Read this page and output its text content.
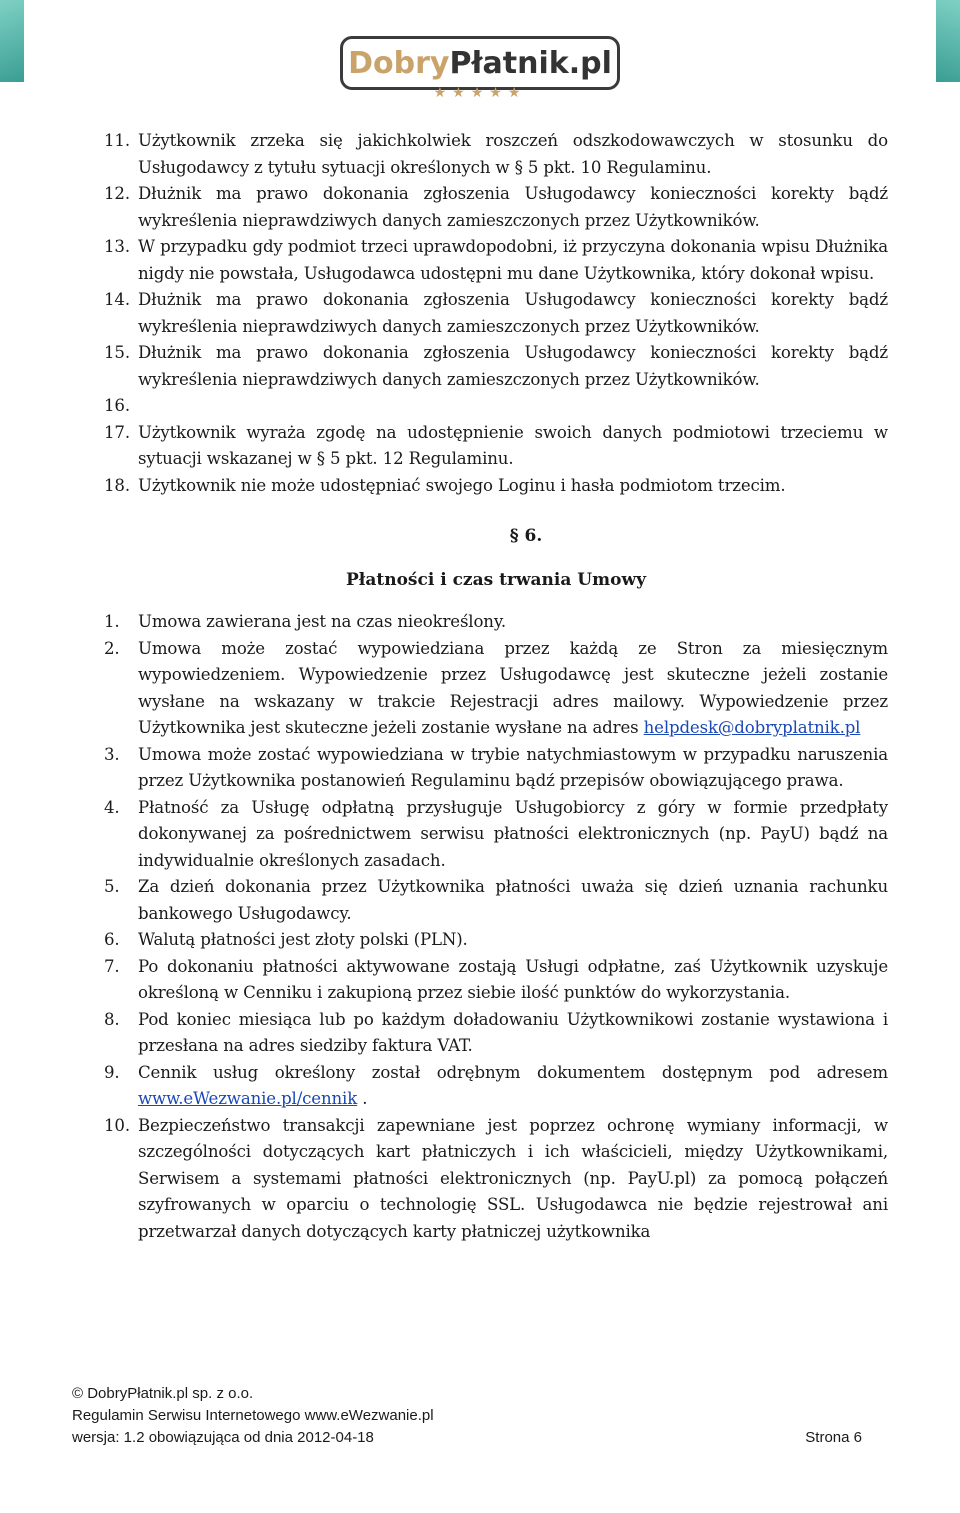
Dobry Płatnik.pl
★★★★★
11. Użytkownik zrzeka się jakichkolwiek roszczeń odszkodowawczych w stosunku do Usługodawcy z tytułu sytuacji określonych w § 5 pkt. 10 Regulaminu.
12. Dłużnik ma prawo dokonania zgłoszenia Usługodawcy konieczności korekty bądź wykreślenia nieprawdziwych danych zamieszczonych przez Użytkowników.
13. W przypadku gdy podmiot trzeci uprawdopodobni, iż przyczyna dokonania wpisu Dłużnika nigdy nie powstała, Usługodawca udostępni mu dane Użytkownika, który dokonał wpisu.
14. Dłużnik ma prawo dokonania zgłoszenia Usługodawcy konieczności korekty bądź wykreślenia nieprawdziwych danych zamieszczonych przez Użytkowników.
15. Dłużnik ma prawo dokonania zgłoszenia Usługodawcy konieczności korekty bądź wykreślenia nieprawdziwych danych zamieszczonych przez Użytkowników.
16.
17. Użytkownik wyraża zgodę na udostępnienie swoich danych podmiotowi trzeciemu w sytuacji wskazanej w § 5 pkt. 12 Regulaminu.
18. Użytkownik nie może udostępniać swojego Loginu i hasła podmiotom trzecim.
§ 6.
Płatności i czas trwania Umowy
1. Umowa zawierana jest na czas nieokreślony.
2. Umowa może zostać wypowiedziana przez każdą ze Stron za miesięcznym wypowiedzeniem. Wypowiedzenie przez Usługodawcę jest skuteczne jeżeli zostanie wysłane na wskazany w trakcie Rejestracji adres mailowy. Wypowiedzenie przez Użytkownika jest skuteczne jeżeli zostanie wysłane na adres helpdesk@dobryplatnik.pl
3. Umowa może zostać wypowiedziana w trybie natychmiastowym w przypadku naruszenia przez Użytkownika postanowień Regulaminu bądź przepisów obowiązującego prawa.
4. Płatność za Usługę odpłatną przysługuje Usługobiorcy z góry w formie przedpłaty dokonywanej za pośrednictwem serwisu płatności elektronicznych (np. PayU) bądź na indywidualnie określonych zasadach.
5. Za dzień dokonania przez Użytkownika płatności uważa się dzień uznania rachunku bankowego Usługodawcy.
6. Walutą płatności jest złoty polski (PLN).
7. Po dokonaniu płatności aktywowane zostają Usługi odpłatne, zaś Użytkownik uzyskuje określoną w Cenniku i zakupioną przez siebie ilość punktów do wykorzystania.
8. Pod koniec miesiąca lub po każdym doładowaniu Użytkownikowi zostanie wystawiona i przesłana na adres siedziby faktura VAT.
9. Cennik usług określony został odrębnym dokumentem dostępnym pod adresem www.eWezwanie.pl/cennik .
10. Bezpieczeństwo transakcji zapewniane jest poprzez ochronę wymiany informacji, w szczególności dotyczących kart płatniczych i ich właścicieli, między Użytkownikami, Serwisem a systemami płatności elektronicznych (np. PayU.pl) za pomocą połączeń szyfrowanych w oparciu o technologię SSL. Usługodawca nie będzie rejestrował ani przetwarzał danych dotyczących karty płatniczej użytkownika
© DobryPłatnik.pl sp. z o.o.
Regulamin Serwisu Internetowego www.eWezwanie.pl
wersja: 1.2 obowiązująca od dnia 2012-04-18	Strona 6
